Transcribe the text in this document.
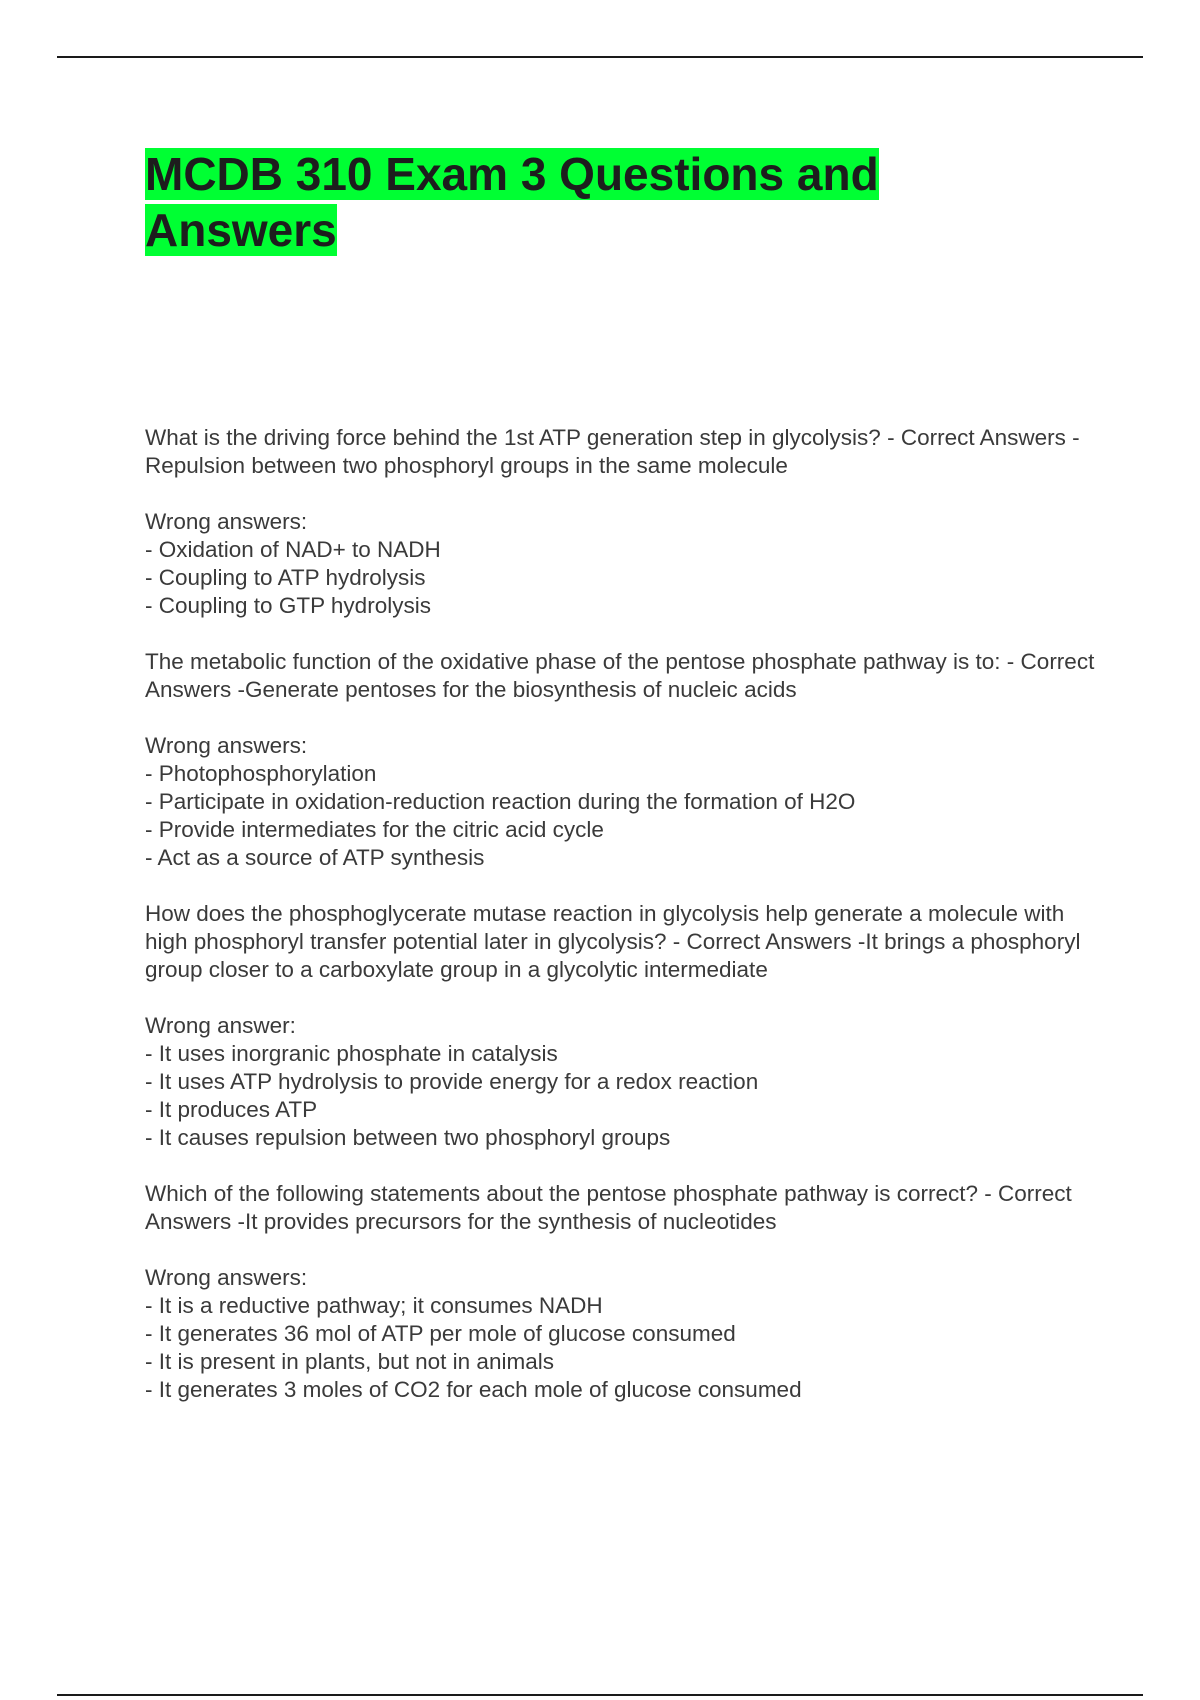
MCDB 310 Exam 3 Questions and Answers

What is the driving force behind the 1st ATP generation step in glycolysis? - Correct Answers -Repulsion between two phosphoryl groups in the same molecule

Wrong answers:
- Oxidation of NAD+ to NADH
- Coupling to ATP hydrolysis
- Coupling to GTP hydrolysis

The metabolic function of the oxidative phase of the pentose phosphate pathway is to: - Correct Answers -Generate pentoses for the biosynthesis of nucleic acids

Wrong answers:
- Photophosphorylation
- Participate in oxidation-reduction reaction during the formation of H2O
- Provide intermediates for the citric acid cycle
- Act as a source of ATP synthesis

How does the phosphoglycerate mutase reaction in glycolysis help generate a molecule with high phosphoryl transfer potential later in glycolysis? - Correct Answers -It brings a phosphoryl group closer to a carboxylate group in a glycolytic intermediate

Wrong answer:
- It uses inorgranic phosphate in catalysis
- It uses ATP hydrolysis to provide energy for a redox reaction
- It produces ATP
- It causes repulsion between two phosphoryl groups

Which of the following statements about the pentose phosphate pathway is correct? - Correct Answers -It provides precursors for the synthesis of nucleotides

Wrong answers:
- It is a reductive pathway; it consumes NADH
- It generates 36 mol of ATP per mole of glucose consumed
- It is present in plants, but not in animals
- It generates 3 moles of CO2 for each mole of glucose consumed
